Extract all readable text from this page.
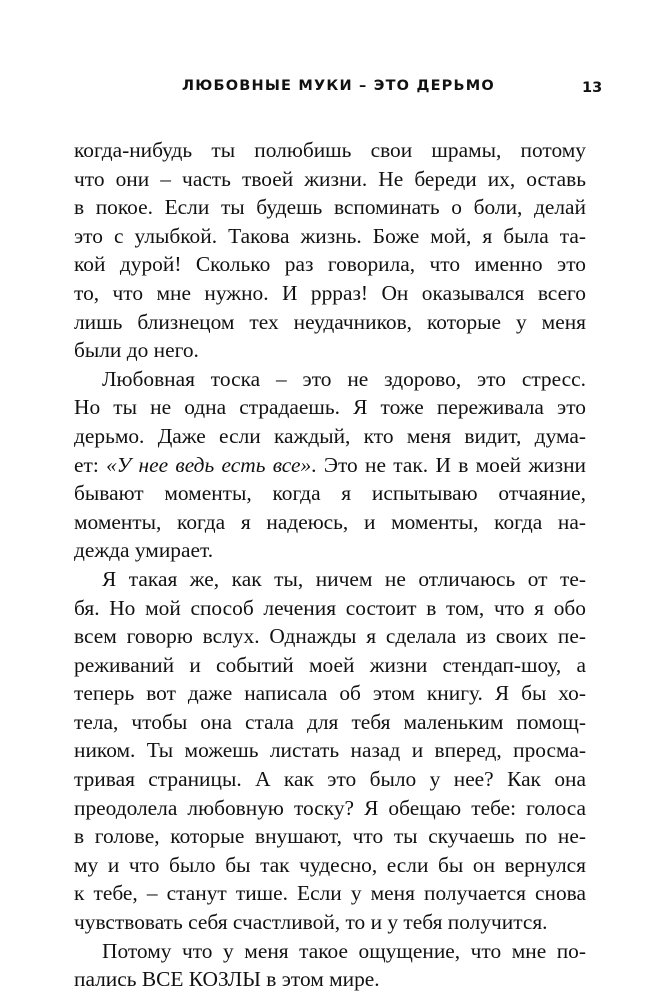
ЛЮБОВНЫЕ МУКИ – ЭТО ДЕРЬМО	13
когда-нибудь ты полюбишь свои шрамы, потому
что они – часть твоей жизни. Не береди их, оставь
в покое. Если ты будешь вспоминать о боли, делай
это с улыбкой. Такова жизнь. Боже мой, я была та-
кой дурой! Сколько раз говорила, что именно это
то, что мне нужно. И рррaз! Он оказывался всего
лишь близнецом тех неудачников, которые у меня
были до него.
Любовная тоска – это не здорово, это стресс.
Но ты не одна страдаешь. Я тоже переживала это
дерьмо. Даже если каждый, кто меня видит, дума-
ет: «У нее ведь есть все». Это не так. И в моей жизни
бывают моменты, когда я испытываю отчаяние,
моменты, когда я надеюсь, и моменты, когда на-
дежда умирает.
Я такая же, как ты, ничем не отличаюсь от те-
бя. Но мой способ лечения состоит в том, что я обо
всем говорю вслух. Однажды я сделала из своих пе-
реживаний и событий моей жизни стендап-шоу, а
теперь вот даже написала об этом книгу. Я бы хо-
тела, чтобы она стала для тебя маленьким помощ-
ником. Ты можешь листать назад и вперед, просма-
тривая страницы. А как это было у нее? Как она
преодолела любовную тоску? Я обещаю тебе: голоса
в голове, которые внушают, что ты скучаешь по не-
му и что было бы так чудесно, если бы он вернулся
к тебе, – станут тише. Если у меня получается снова
чувствовать себя счастливой, то и у тебя получится.
Потому что у меня такое ощущение, что мне по-
пались ВСЕ КОЗЛЫ в этом мире.
